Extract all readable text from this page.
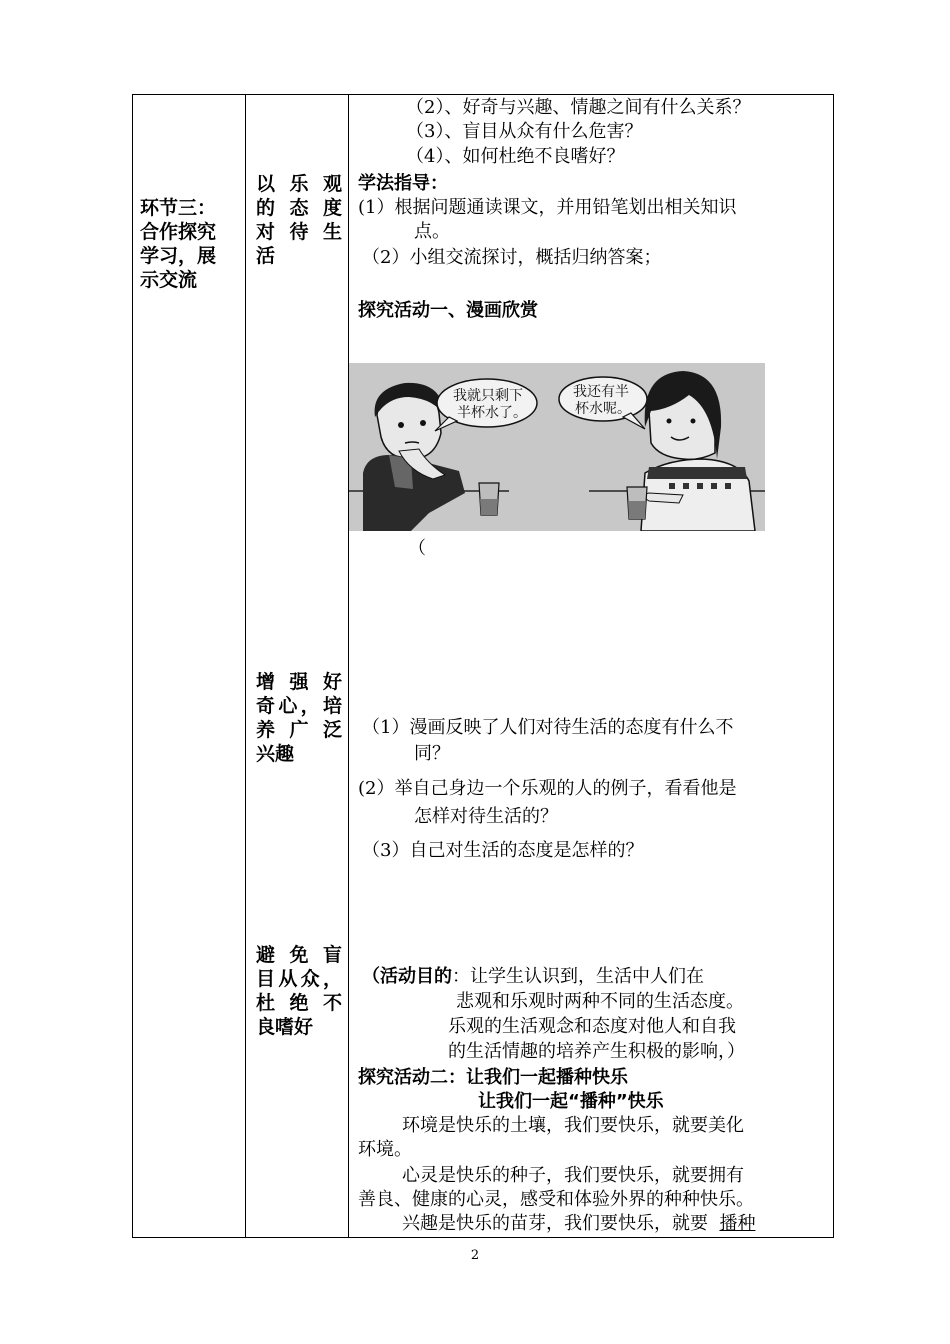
环节三：
合作探究
学习，展
示交流
以 乐 观
的 态 度
对 待 生
活
增 强 好
奇心，培
养 广 泛
兴趣
避 免 盲
目从众，
杜 绝 不
良嗜好
（2）、好奇与兴趣、情趣之间有什么关系？
（3）、盲目从众有什么危害？
（4）、如何杜绝不良嗜好？
学法指导：
(1）根据问题通读课文，并用铅笔划出相关知识
点。
（2）小组交流探讨，概括归纳答案；
探究活动一、漫画欣赏
我就只剩下
半杯水了。
我还有半
杯水呢。
（
（1）漫画反映了人们对待生活的态度有什么不
同？
(2）举自己身边一个乐观的人的例子，看看他是
怎样对待生活的？
（3）自己对生活的态度是怎样的？
（活动目的：让学生认识到，生活中人们在
悲观和乐观时两种不同的生活态度。
乐观的生活观念和态度对他人和自我
的生活情趣的培养产生积极的影响，）
探究活动二：让我们一起播种快乐
让我们一起“播种”快乐
环境是快乐的土壤，我们要快乐，就要美化
环境。
心灵是快乐的种子，我们要快乐，就要拥有
善良、健康的心灵，感受和体验外界的种种快乐。
兴趣是快乐的苗芽，我们要快乐，就要 播种
2
